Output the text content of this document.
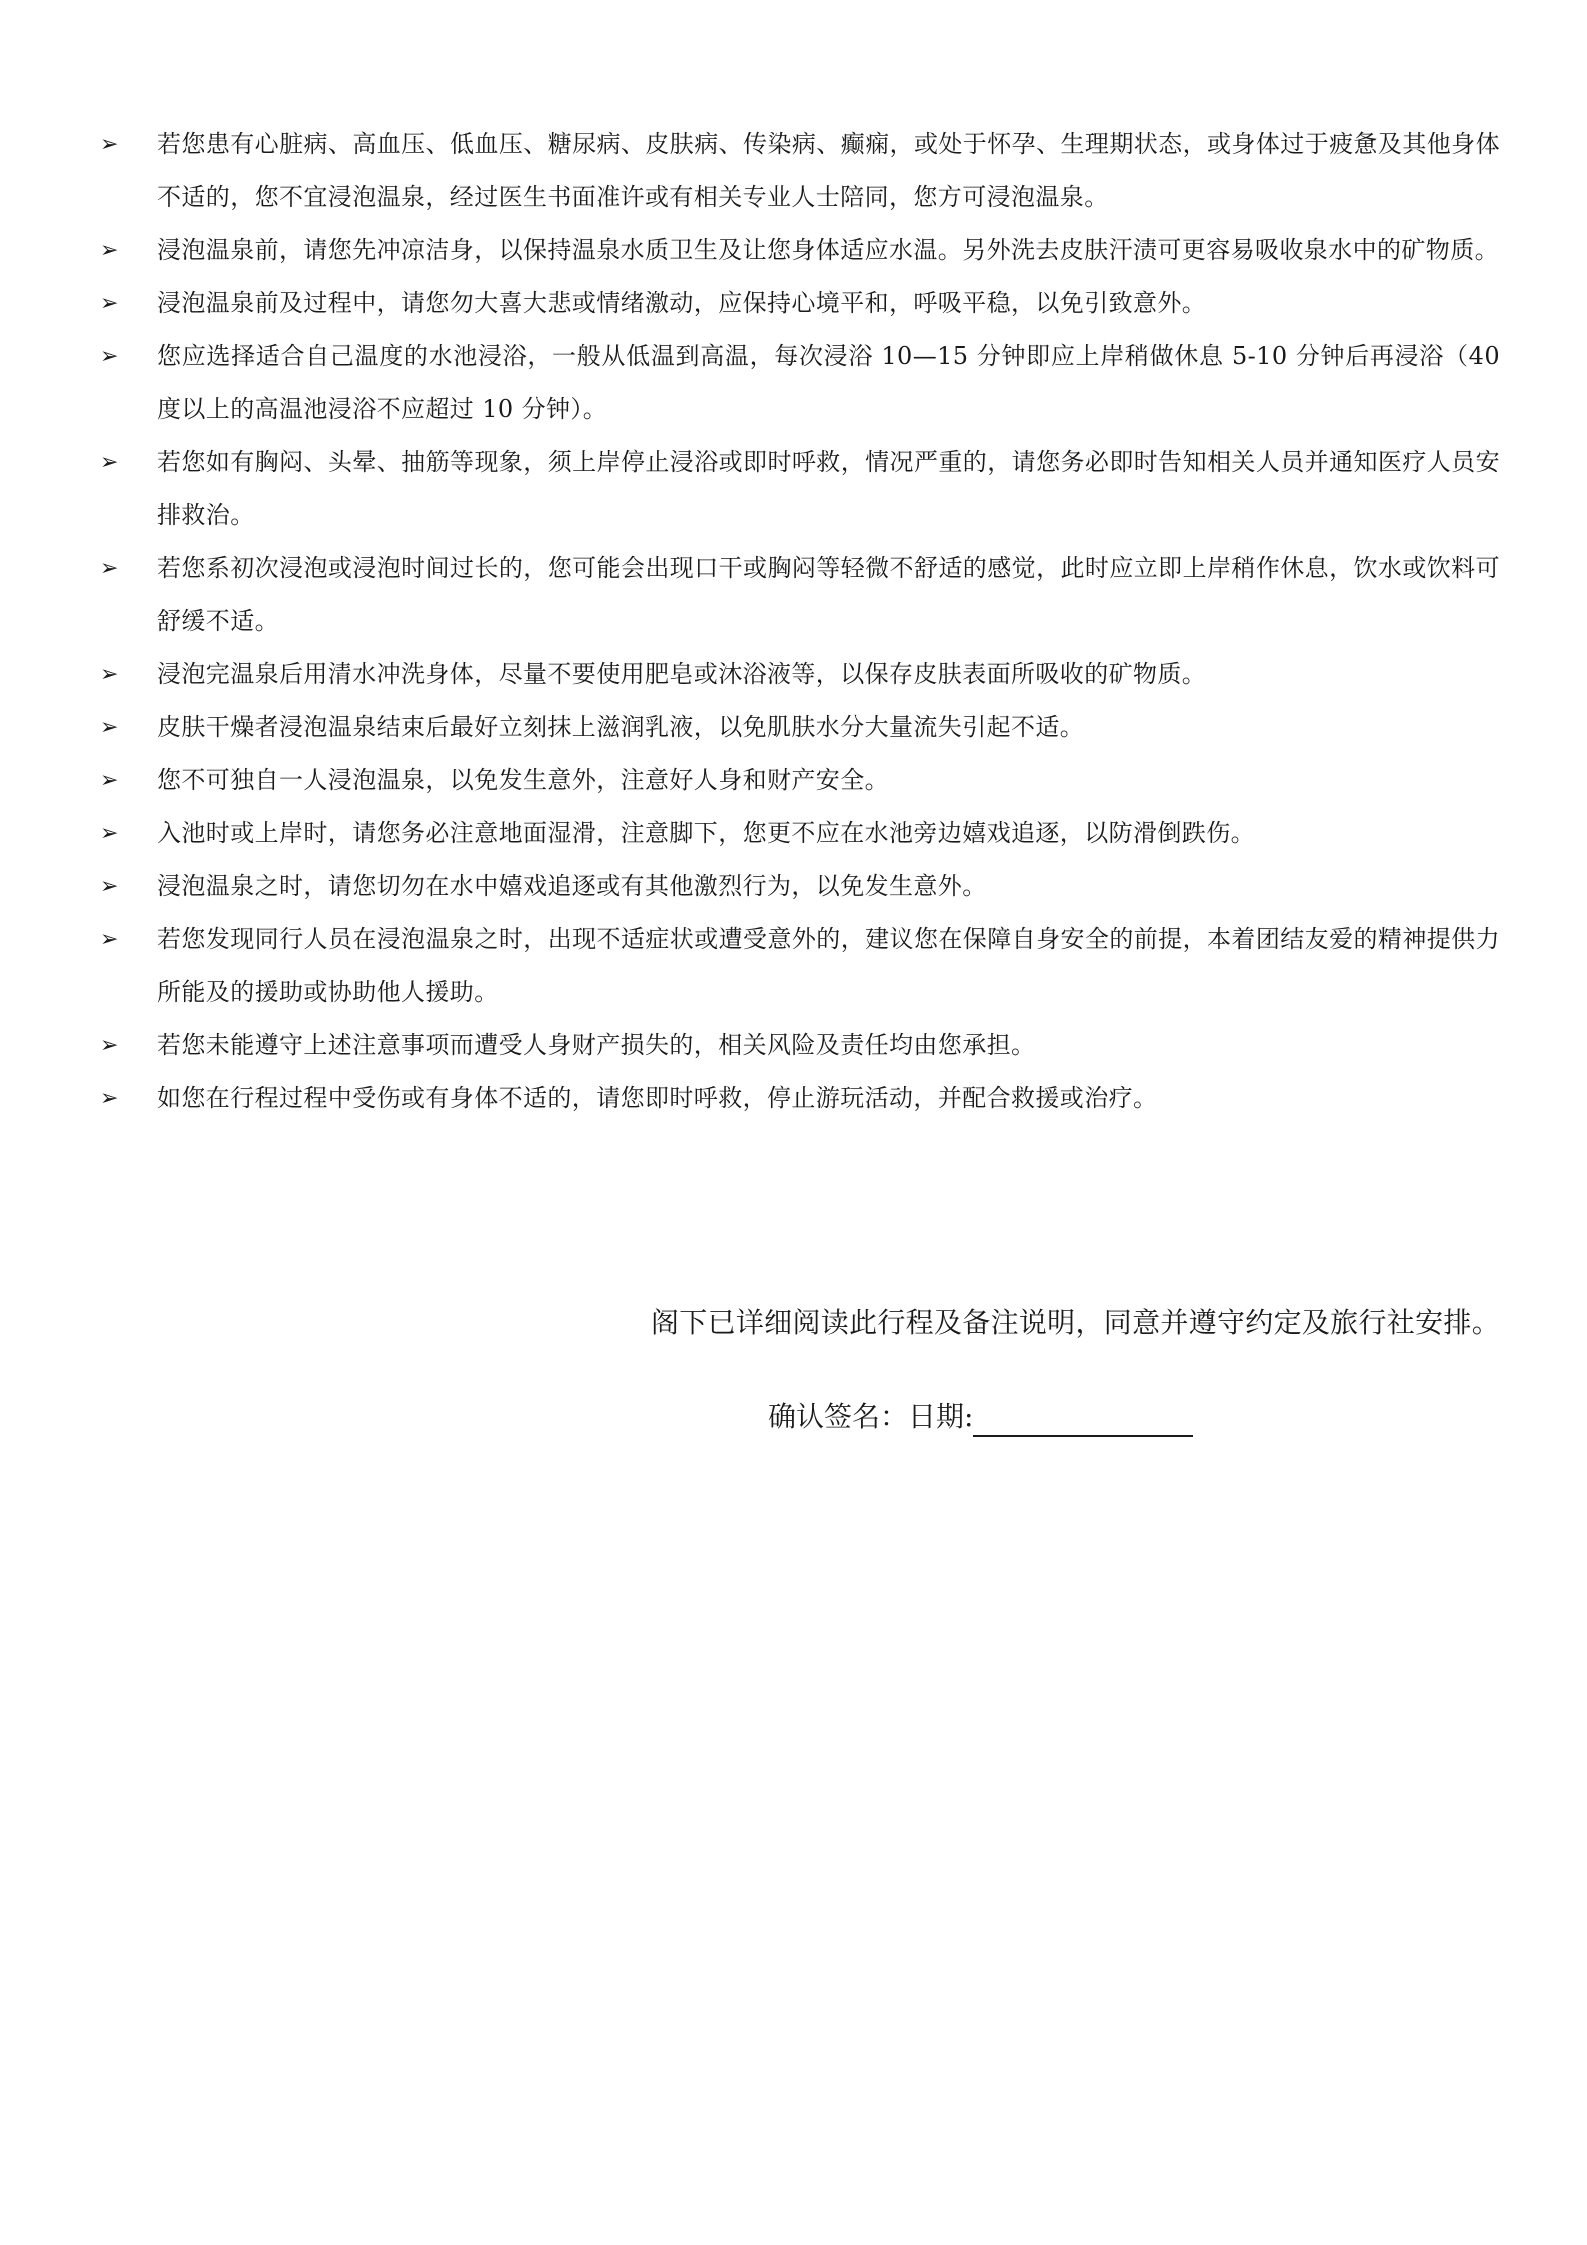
➢	若您患有心脏病、高血压、低血压、糖尿病、皮肤病、传染病、癫痫，或处于怀孕、生理期状态，或身体过于疲惫及其他身体不适的，您不宜浸泡温泉，经过医生书面准许或有相关专业人士陪同，您方可浸泡温泉。
➢	浸泡温泉前，请您先冲凉洁身，以保持温泉水质卫生及让您身体适应水温。另外洗去皮肤汗渍可更容易吸收泉水中的矿物质。
➢	浸泡温泉前及过程中，请您勿大喜大悲或情绪激动，应保持心境平和，呼吸平稳，以免引致意外。
➢	您应选择适合自己温度的水池浸浴，一般从低温到高温，每次浸浴 10—15 分钟即应上岸稍做休息 5-10 分钟后再浸浴（40 度以上的高温池浸浴不应超过 10 分钟）。
➢	若您如有胸闷、头晕、抽筋等现象，须上岸停止浸浴或即时呼救，情况严重的，请您务必即时告知相关人员并通知医疗人员安排救治。
➢	若您系初次浸泡或浸泡时间过长的，您可能会出现口干或胸闷等轻微不舒适的感觉，此时应立即上岸稍作休息，饮水或饮料可舒缓不适。
➢	浸泡完温泉后用清水冲洗身体，尽量不要使用肥皂或沐浴液等，以保存皮肤表面所吸收的矿物质。
➢	皮肤干燥者浸泡温泉结束后最好立刻抹上滋润乳液，以免肌肤水分大量流失引起不适。
➢	您不可独自一人浸泡温泉，以免发生意外，注意好人身和财产安全。
➢	入池时或上岸时，请您务必注意地面湿滑，注意脚下，您更不应在水池旁边嬉戏追逐，以防滑倒跌伤。
➢	浸泡温泉之时，请您切勿在水中嬉戏追逐或有其他激烈行为，以免发生意外。
➢	若您发现同行人员在浸泡温泉之时，出现不适症状或遭受意外的，建议您在保障自身安全的前提，本着团结友爱的精神提供力所能及的援助或协助他人援助。
➢	若您未能遵守上述注意事项而遭受人身财产损失的，相关风险及责任均由您承担。
➢	如您在行程过程中受伤或有身体不适的，请您即时呼救，停止游玩活动，并配合救援或治疗。
阁下已详细阅读此行程及备注说明，同意并遵守约定及旅行社安排。
确认签名：日期:
